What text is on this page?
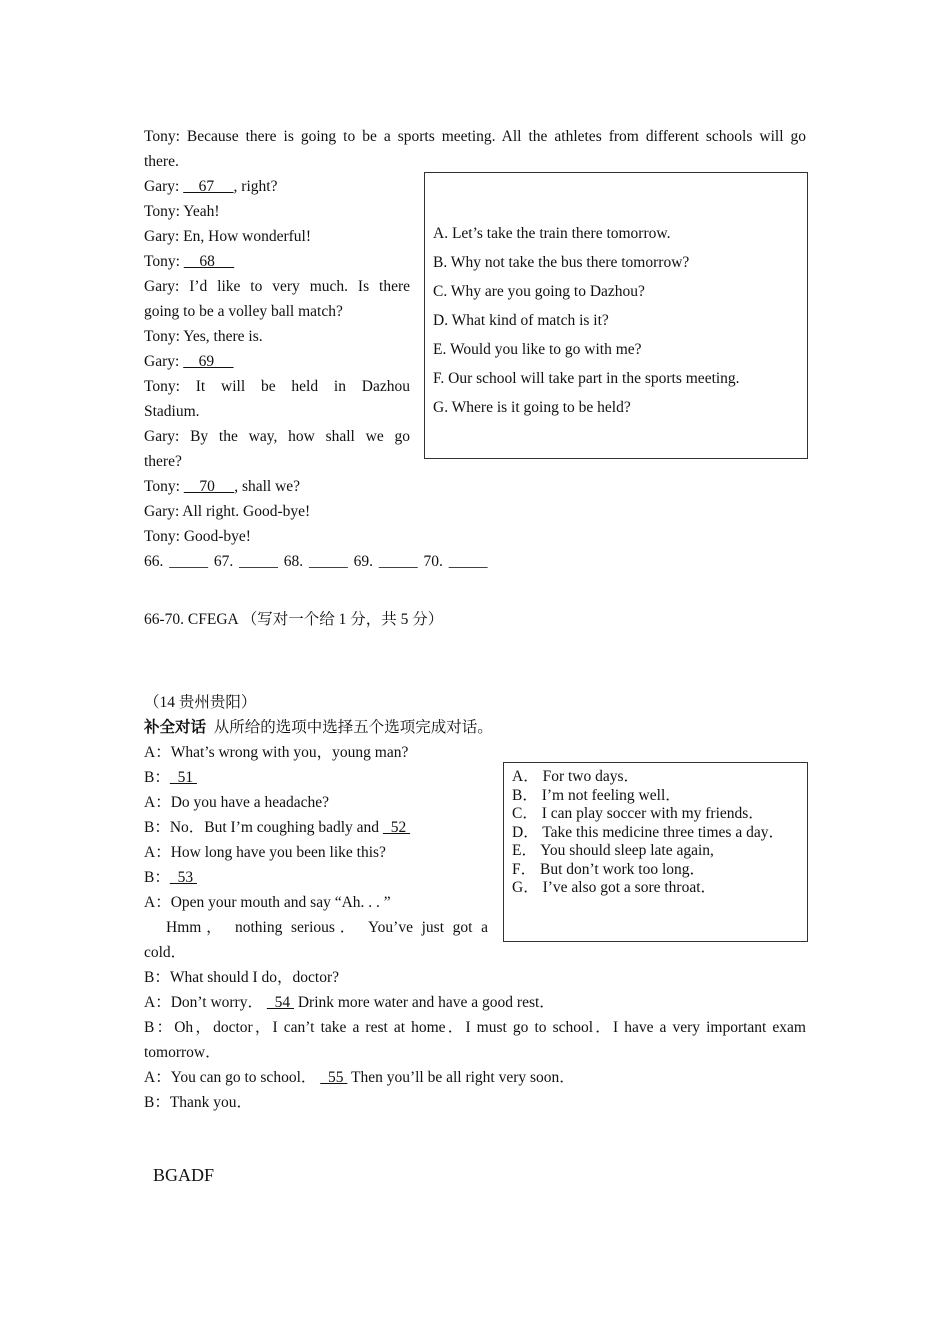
Tony: Because there is going to be a sports meeting. All the athletes from different schools will go
there.
Gary:     67     , right?
Tony: Yeah!
Gary: En, How wonderful!
Tony:     68
Gary: I’d like to very much. Is there
going to be a volley ball match?
Tony: Yes, there is.
Gary:     69
Tony: It will be held in Dazhou
Stadium.
Gary: By the way, how shall we go
there?
Tony:     70     , shall we?
Gary: All right. Good-bye!
Tony: Good-bye!
66. _____ 67. _____ 68. _____ 69. _____ 70. _____
A. Let’s take the train there tomorrow.
B. Why not take the bus there tomorrow?
C. Why are you going to Dazhou?
D. What kind of match is it?
E. Would you like to go with me?
F. Our school will take part in the sports meeting.
G. Where is it going to be held?
66-70. CFEGA （写对一个给 1 分，共 5 分）
（14 贵州贵阳）
补全对话 从所给的选项中选择五个选项完成对话。
A：What’s wrong with you，young man?
B：  51
A：Do you have a headache?
B：No．But I’m coughing badly and   52
A：How long have you been like this?
B：  53
A：Open your mouth and say “Ah. . . ”
Hmm， nothing serious． You’ve just got a
cold．
B：What should I do，doctor?
A：Don’t worry．   54  Drink more water and have a good rest．
B：Oh，doctor，I can’t take a rest at home．I must go to school．I have a very important exam
tomorrow．
A：You can go to school．   55  Then you’ll be all right very soon．
B：Thank you．
A． For two days．
B． I’m not feeling well．
C． I can play soccer with my friends．
D． Take this medicine three times a day．
E． You should sleep late again,
F． But don’t work too long．
G． I’ve also got a sore throat．
BGADF
